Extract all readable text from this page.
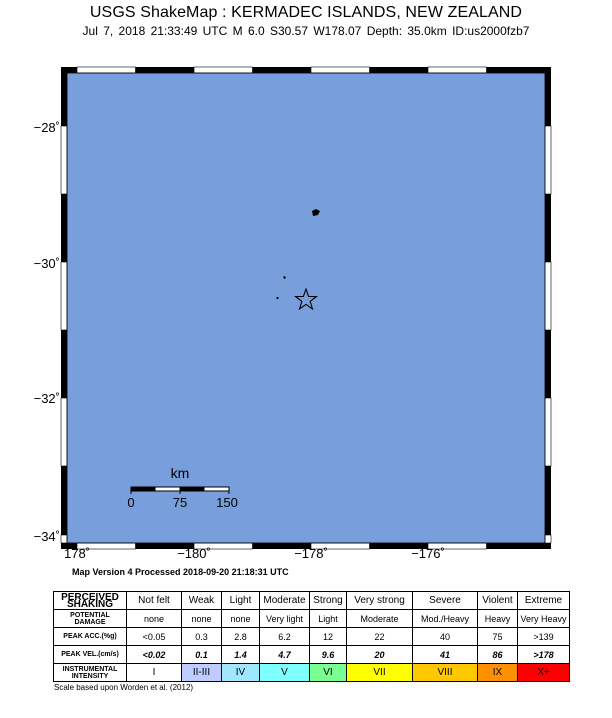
USGS ShakeMap : KERMADEC ISLANDS, NEW ZEALAND
Jul 7, 2018 21:33:49 UTC M 6.0 S30.57 W178.07 Depth: 35.0km ID:us2000fzb7
−28˚
−30˚
−32˚
−34˚
178˚	−180˚	−178˚	−176˚
km
0	75 150
Map Version 4 Processed 2018-09-20 21:18:31 UTC
PERCEIVED SHAKING	Not felt	Weak	Light	Moderate	Strong	Very strong	Severe	Violent	Extreme
POTENTIAL DAMAGE	none	none	none	Very light	Light	Moderate	Mod./Heavy	Heavy	Very Heavy
PEAK ACC.(%g)	<0.05	0.3	2.8	6.2	12	22	40	75	>139
PEAK VEL.(cm/s)	<0.02	0.1	1.4	4.7	9.6	20	41	86	>178
INSTRUMENTAL INTENSITY	I	II-III	IV	V	VI	VII	VIII	IX	X+
Scale based upon Worden et al. (2012)
